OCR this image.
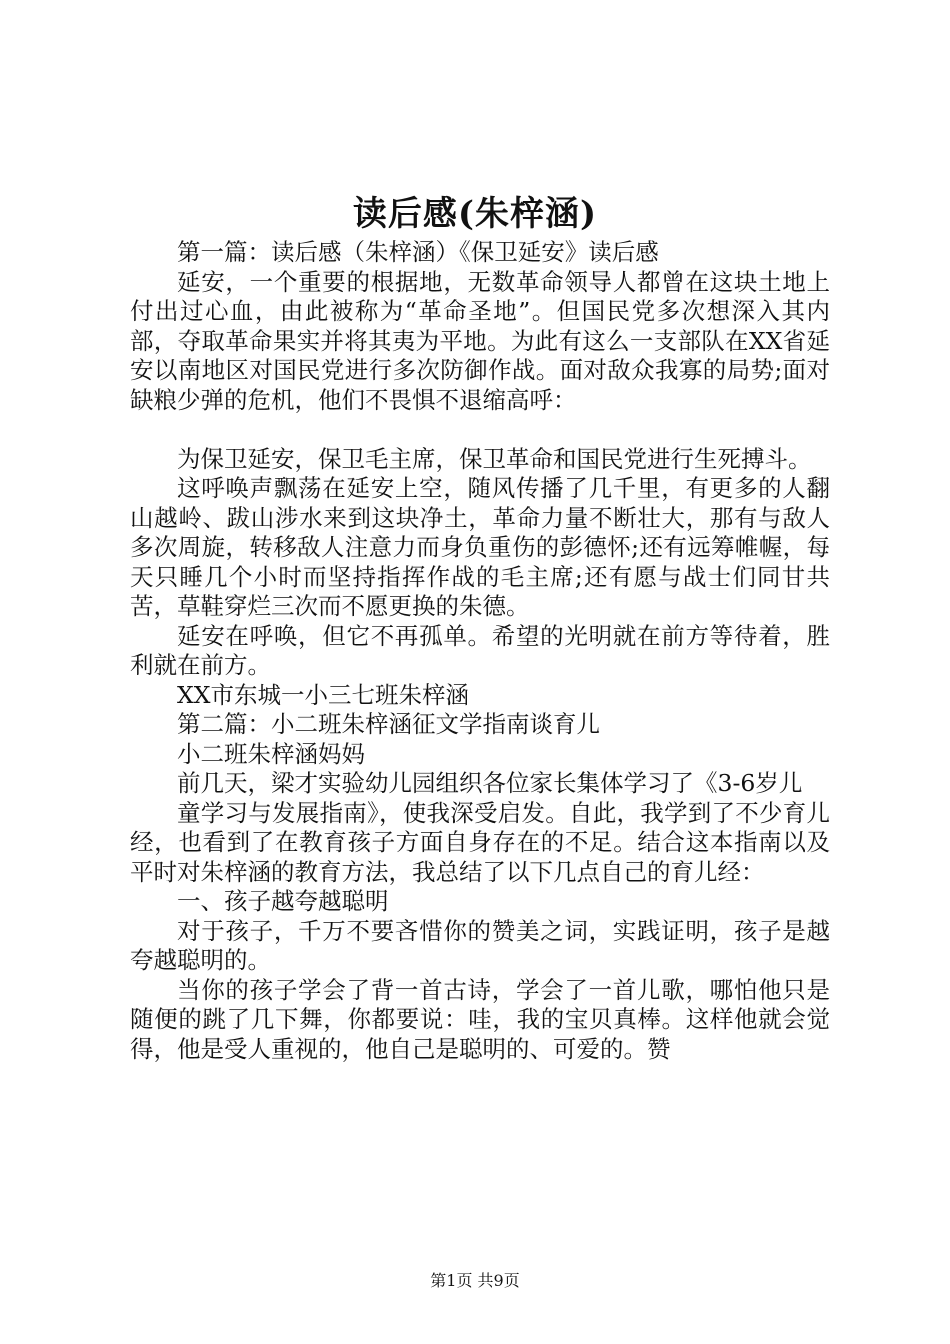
读后感(朱梓涵)

第一篇：读后感（朱梓涵）《保卫延安》读后感

延安，一个重要的根据地，无数革命领导人都曾在这块土地上付出过心血，由此被称为“革命圣地”。但国民党多次想深入其内部，夺取革命果实并将其夷为平地。为此有这么一支部队在XX省延安以南地区对国民党进行多次防御作战。面对敌众我寡的局势;面对缺粮少弹的危机，他们不畏惧不退缩高呼：

为保卫延安，保卫毛主席，保卫革命和国民党进行生死搏斗。

这呼唤声飘荡在延安上空，随风传播了几千里，有更多的人翻山越岭、跋山涉水来到这块净土，革命力量不断壮大，那有与敌人多次周旋，转移敌人注意力而身负重伤的彭德怀;还有远筹帷幄，每天只睡几个小时而坚持指挥作战的毛主席;还有愿与战士们同甘共苦，草鞋穿烂三次而不愿更换的朱德。

延安在呼唤，但它不再孤单。希望的光明就在前方等待着，胜利就在前方。

XX市东城一小三七班朱梓涵

第二篇：小二班朱梓涵征文学指南谈育儿

小二班朱梓涵妈妈

前几天，梁才实验幼儿园组织各位家长集体学习了《3-6岁儿

童学习与发展指南》，使我深受启发。自此，我学到了不少育儿经，也看到了在教育孩子方面自身存在的不足。结合这本指南以及平时对朱梓涵的教育方法，我总结了以下几点自己的育儿经：

一、孩子越夸越聪明

对于孩子，千万不要吝惜你的赞美之词，实践证明，孩子是越夸越聪明的。

当你的孩子学会了背一首古诗，学会了一首儿歌，哪怕他只是随便的跳了几下舞，你都要说：哇，我的宝贝真棒。这样他就会觉得，他是受人重视的，他自己是聪明的、可爱的。赞

第1页 共9页
